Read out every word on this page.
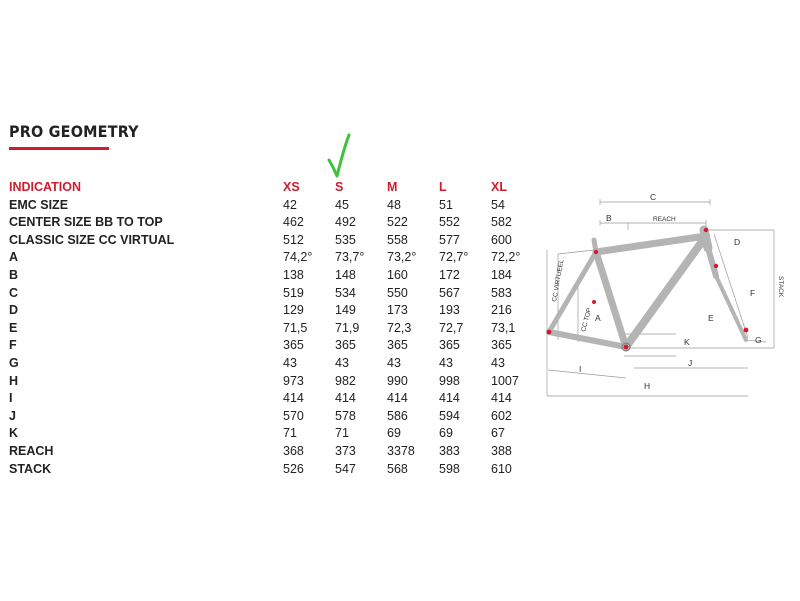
PRO GEOMETRY
INDICATION	XS	S	M	L	XL
EMC SIZE	42	45	48	51	54
CENTER SIZE BB TO TOP	462	492	522	552	582
CLASSIC SIZE CC VIRTUAL	512	535	558	577	600
A	74,2°	73,7°	73,2°	72,7°	72,2°
B	138	148	160	172	184
C	519	534	550	567	583
D	129	149	173	193	216
E	71,5	71,9	72,3	72,7	73,1
F	365	365	365	365	365
G	43	43	43	43	43
H	973	982	990	998	1007
I	414	414	414	414	414
J	570	578	586	594	602
K	71	71	69	69	67
REACH	368	373	3378	383	388
STACK	526	547	568	598	610
C
B	REACH
D
F
G
E
K
A
J
H
I
STACK
CC TOP
CC VIRTUEEL
